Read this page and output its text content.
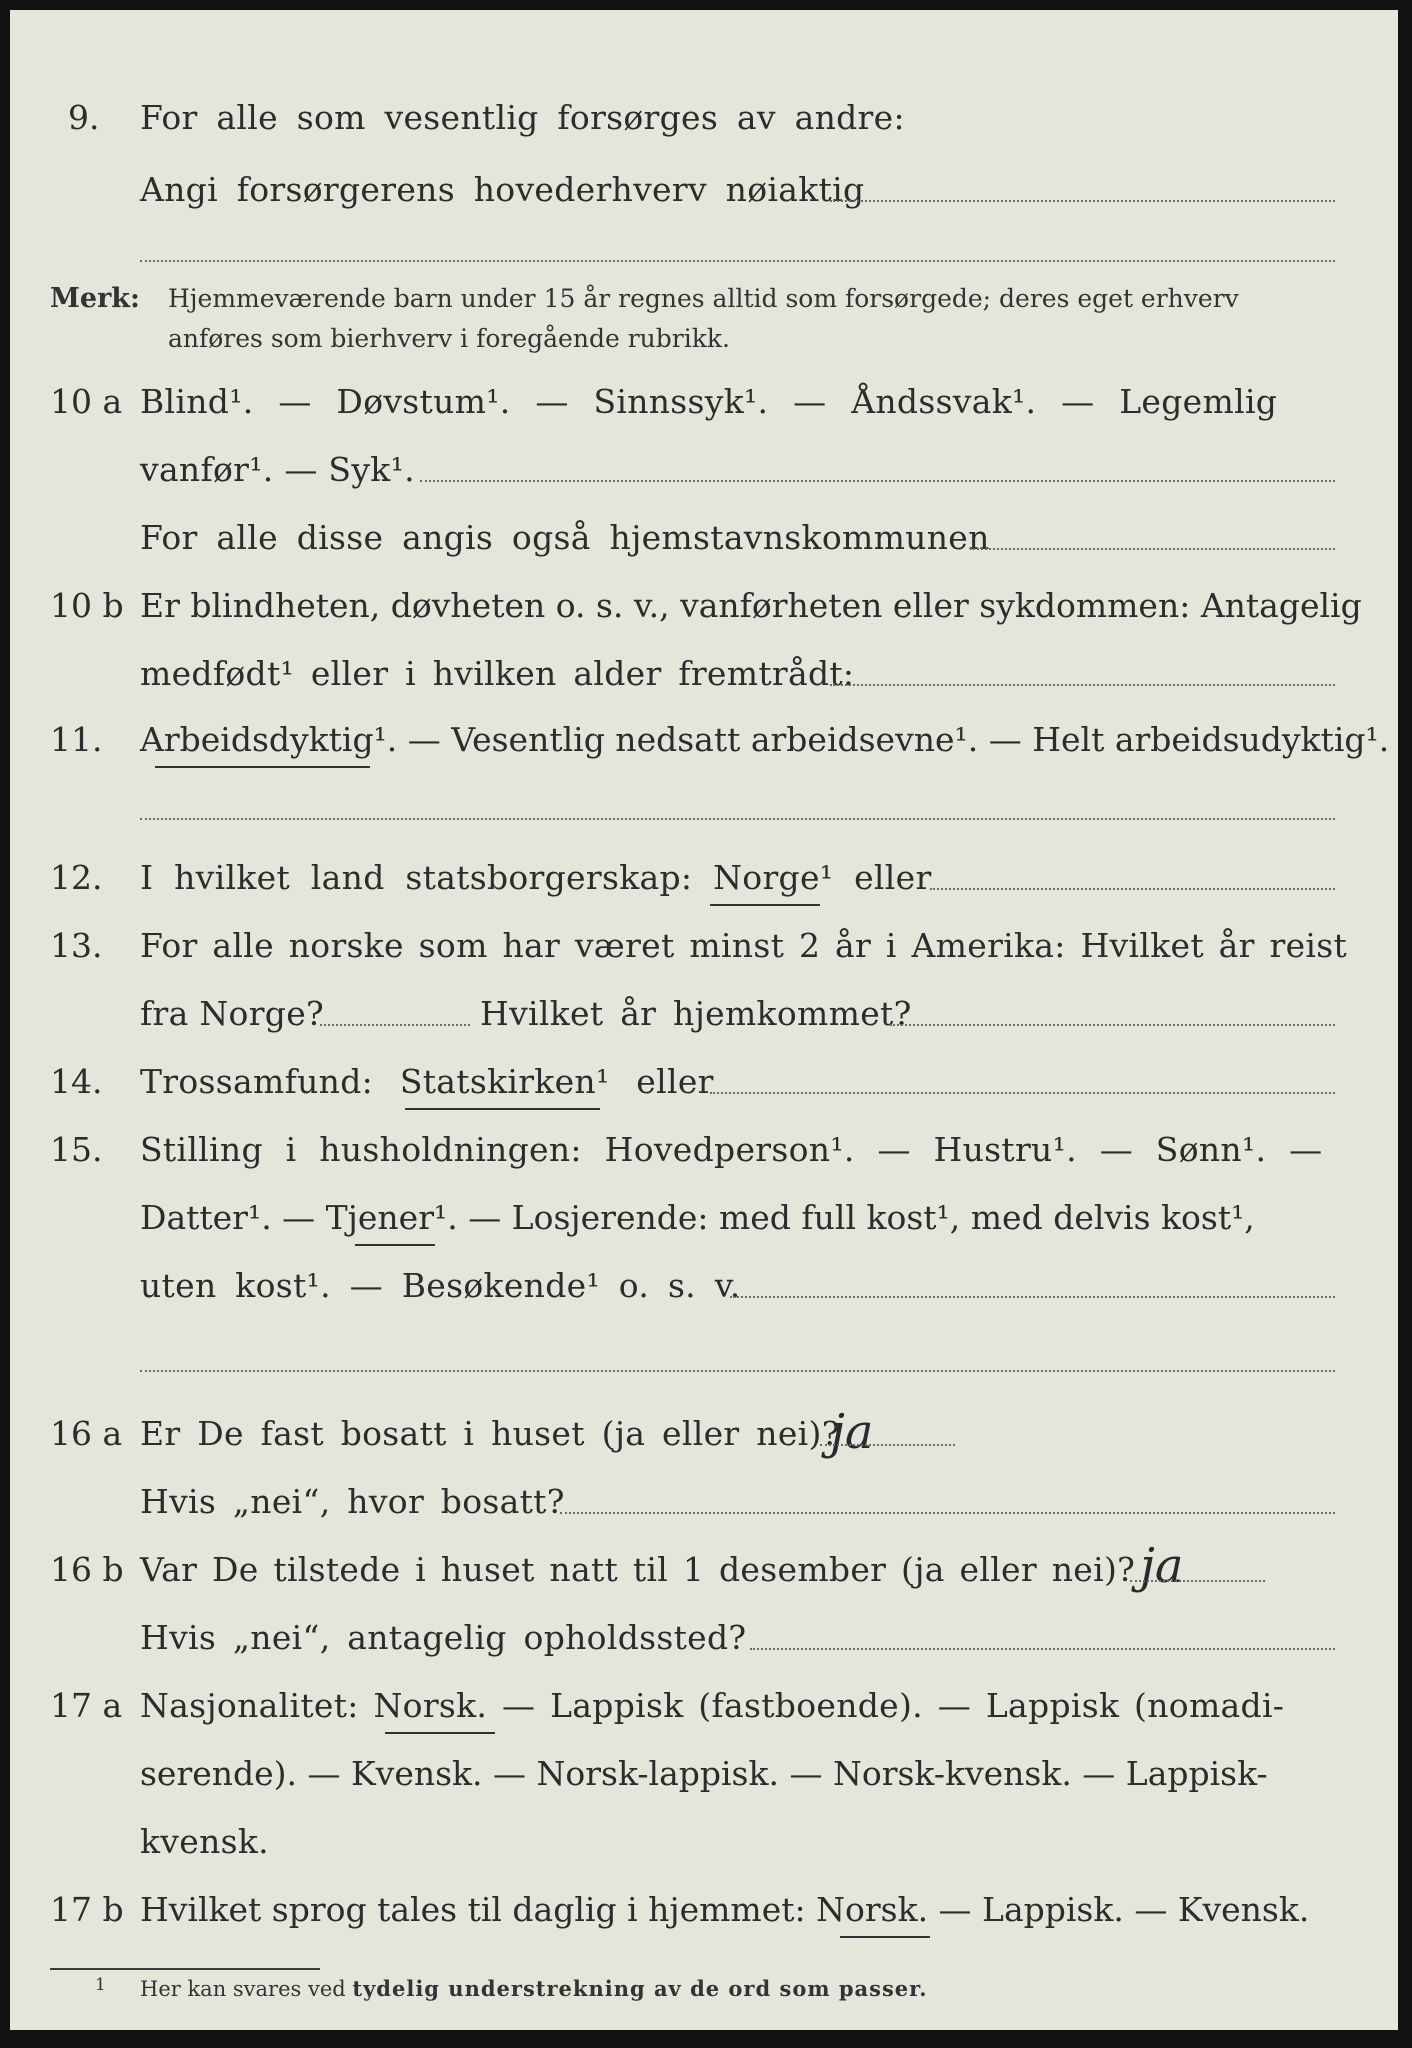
9. For alle som vesentlig forsørges av andre:
Angi forsørgerens hovederhverv nøiaktig
Merk: Hjemmeværende barn under 15 år regnes alltid som forsørgede; deres eget erhverv
anføres som bierhverv i foregående rubrikk.
10 a Blind¹. — Døvstum¹. — Sinnssyk¹. — Åndssvak¹. — Legemlig
vanfør¹. — Syk¹.
For alle disse angis også hjemstavnskommunen
10 b Er blindheten, døvheten o. s. v., vanførheten eller sykdommen: Antagelig
medfødt¹ eller i hvilken alder fremtrådt:
11. Arbeidsdyktig¹. — Vesentlig nedsatt arbeidsevne¹. — Helt arbeidsudyktig¹.
12. I hvilket land statsborgerskap: Norge¹ eller
13. For alle norske som har været minst 2 år i Amerika: Hvilket år reist
fra Norge?	Hvilket år hjemkommet?
14. Trossamfund: Statskirken¹ eller
15. Stilling i husholdningen: Hovedperson¹. — Hustru¹. — Sønn¹. —
Datter¹. — Tjener¹. — Losjerende: med full kost¹, med delvis kost¹,
uten kost¹. — Besøkende¹ o. s. v.
16 a Er De fast bosatt i huset (ja eller nei)?
ja
Hvis „nei“, hvor bosatt?
16 b Var De tilstede i huset natt til 1 desember (ja eller nei)? ja
Hvis „nei“, antagelig opholdssted?
17 a Nasjonalitet: Norsk. — Lappisk (fastboende). — Lappisk (nomadi-
serende). — Kvensk. — Norsk-lappisk. — Norsk-kvensk. — Lappisk-
kvensk.
17 b Hvilket sprog tales til daglig i hjemmet: Norsk. — Lappisk. — Kvensk.
1 Her kan svares ved tydelig understrekning av de ord som passer.
